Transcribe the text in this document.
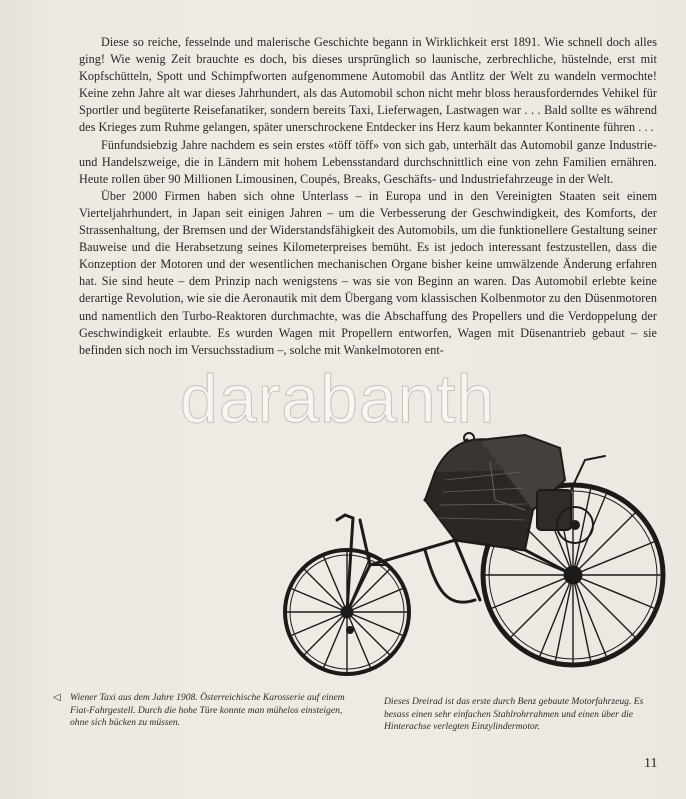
Diese so reiche, fesselnde und malerische Geschichte begann in Wirklichkeit erst 1891. Wie schnell doch alles ging! Wie wenig Zeit brauchte es doch, bis dieses ursprünglich so launische, zerbrechliche, hüstelnde, erst mit Kopfschütteln, Spott und Schimpfworten aufgenommene Automobil das Antlitz der Welt zu wandeln vermochte! Keine zehn Jahre alt war dieses Jahrhundert, als das Automobil schon nicht mehr bloss herausforderndes Vehikel für Sportler und begüterte Reisefanatiker, sondern bereits Taxi, Lieferwagen, Lastwagen war . . . Bald sollte es während des Krieges zum Ruhme gelangen, später unerschrockene Entdecker ins Herz kaum bekannter Kontinente führen . . .

Fünfundsiebzig Jahre nachdem es sein erstes «töff töff» von sich gab, unterhält das Automobil ganze Industrie- und Handelszweige, die in Ländern mit hohem Lebensstandard durchschnittlich eine von zehn Familien ernähren. Heute rollen über 90 Millionen Limousinen, Coupés, Breaks, Geschäfts- und Industriefahrzeuge in der Welt.

Über 2000 Firmen haben sich ohne Unterlass – in Europa und in den Vereinigten Staaten seit einem Vierteljahrhundert, in Japan seit einigen Jahren – um die Verbesserung der Geschwindigkeit, des Komforts, der Strassenhaltung, der Bremsen und der Widerstandsfähigkeit des Automobils, um die funktionellere Gestaltung seiner Bauweise und die Herabsetzung seines Kilometerpreises bemüht. Es ist jedoch interessant festzustellen, dass die Konzeption der Motoren und der wesentlichen mechanischen Organe bisher keine umwälzende Änderung erfahren hat. Sie sind heute – dem Prinzip nach wenigstens – was sie von Beginn an waren. Das Automobil erlebte keine derartige Revolution, wie sie die Aeronautik mit dem Übergang vom klassischen Kolbenmotor zu den Düsenmotoren und namentlich den Turbo-Reaktoren durchmachte, was die Abschaffung des Propellers und die Verdoppelung der Geschwindigkeit erlaubte. Es wurden Wagen mit Propellern entworfen, Wagen mit Düsenantrieb gebaut – sie befinden sich noch im Versuchsstadium –, solche mit Wankelmotoren ent-

darabanth
◁ Wiener Taxi aus dem Jahre 1908. Österreichische Karosserie auf einem Fiat-Fahrgestell. Durch die hohe Türe konnte man mühelos einsteigen, ohne sich bücken zu müssen.
Dieses Dreirad ist das erste durch Benz gebaute Motorfahrzeug. Es besass einen sehr einfachen Stahlrohrrahmen und einen über die Hinterachse verlegten Einzylindermotor.
11
